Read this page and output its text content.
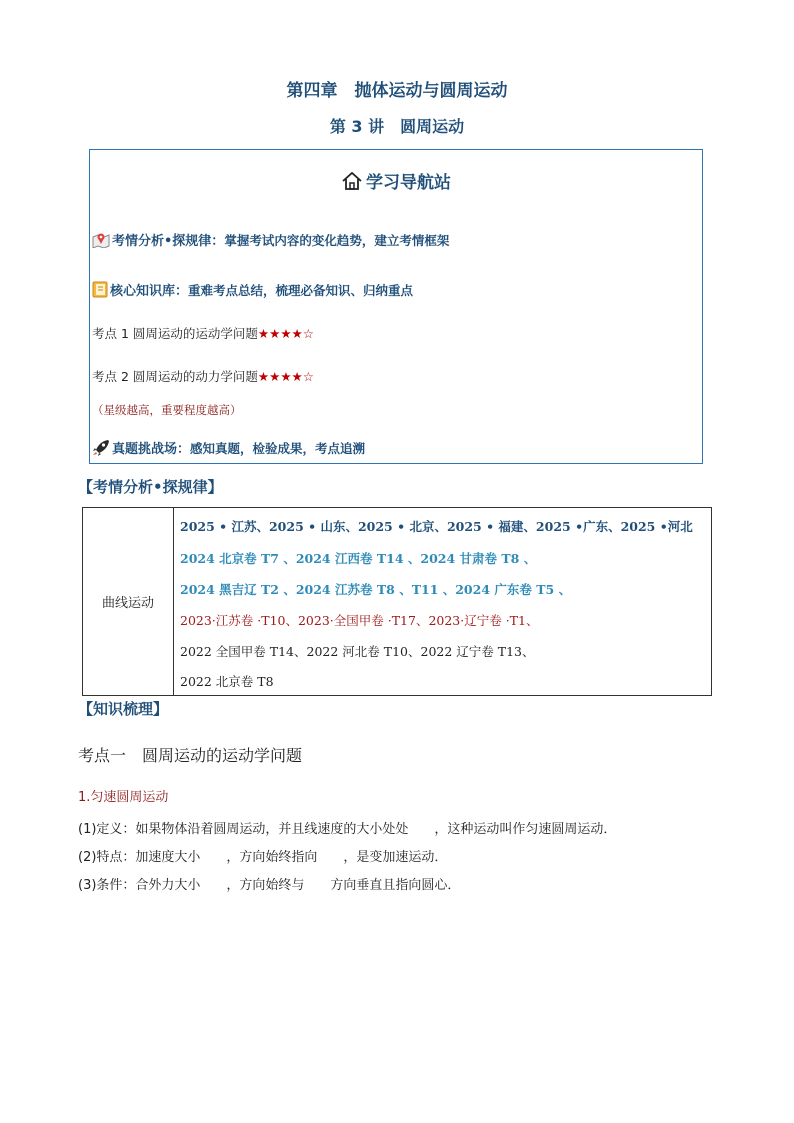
第四章　抛体运动与圆周运动
第 3 讲　圆周运动
学习导航站
考情分析•探规律：掌握考试内容的变化趋势，建立考情框架
核心知识库：重难考点总结，梳理必备知识、归纳重点
考点 1 圆周运动的运动学问题★★★★☆
考点 2 圆周运动的动力学问题★★★★☆
（星级越高，重要程度越高）
真题挑战场：感知真题，检验成果，考点追溯
【考情分析•探规律】
曲线运动
2025 • 江苏、2025 • 山东、2025 • 北京、2025 • 福建、2025 •广东、2025 •河北
2024 北京卷 T7 、2024 江西卷 T14 、2024 甘肃卷 T8 、
2024 黑吉辽 T2 、2024 江苏卷 T8 、T11 、2024 广东卷 T5 、
2023·江苏卷 ·T10、2023·全国甲卷 ·T17、2023·辽宁卷 ·T1、
2022 全国甲卷 T14、2022 河北卷 T10、2022 辽宁卷 T13、
2022 北京卷 T8
【知识梳理】
考点一　圆周运动的运动学问题
1.匀速圆周运动
(1)定义：如果物体沿着圆周运动，并且线速度的大小处处　　，这种运动叫作匀速圆周运动．
(2)特点：加速度大小　　，方向始终指向　　，是变加速运动．
(3)条件：合外力大小　　，方向始终与　　方向垂直且指向圆心．
